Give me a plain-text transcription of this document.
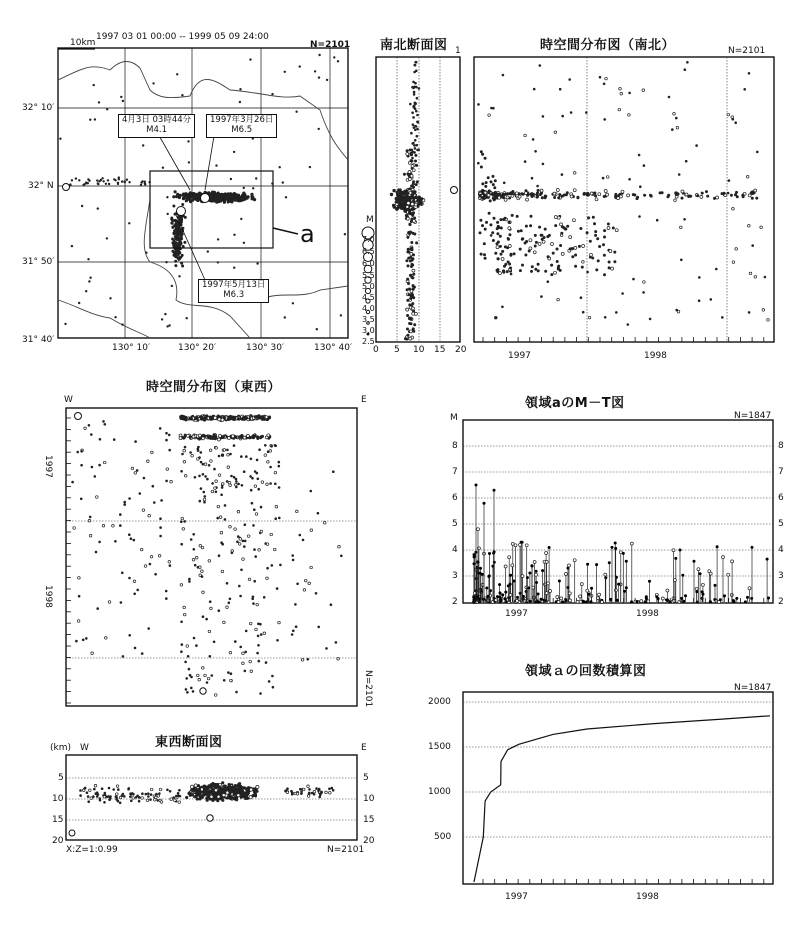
1997 03 01 00:00 -- 1999 05 09 24:00
N=2101
10km
4月3日 03時44分
M4.1
1997年3月26日
M6.5
1997年5月13日
M6.3
a
32° 10′
32° N
31° 50′
31° 40′
130° 10′	130° 20′	130° 30′	130° 40′
南北断面図 1
0 5 10 15 20
M
7.0
6.5
6.0
5.5
5.0
4.5
4.0
3.5
3.0
2.5
時空間分布図（南北）	N=2101
1997	1998
時空間分布図（東西）
W	E
1997
1998
N=2101
東西断面図
(km) W	E
5
10
15
20
5
10
15
20
X:Z=1:0.99	N=2101
領域aのM－T図
M	N=1847
8	8
7	7
6	6
5	5
4	4
3	3
2	2
1997	1998
領域ａの回数積算図
N=1847
2000
1500
1000
500
1997	1998
